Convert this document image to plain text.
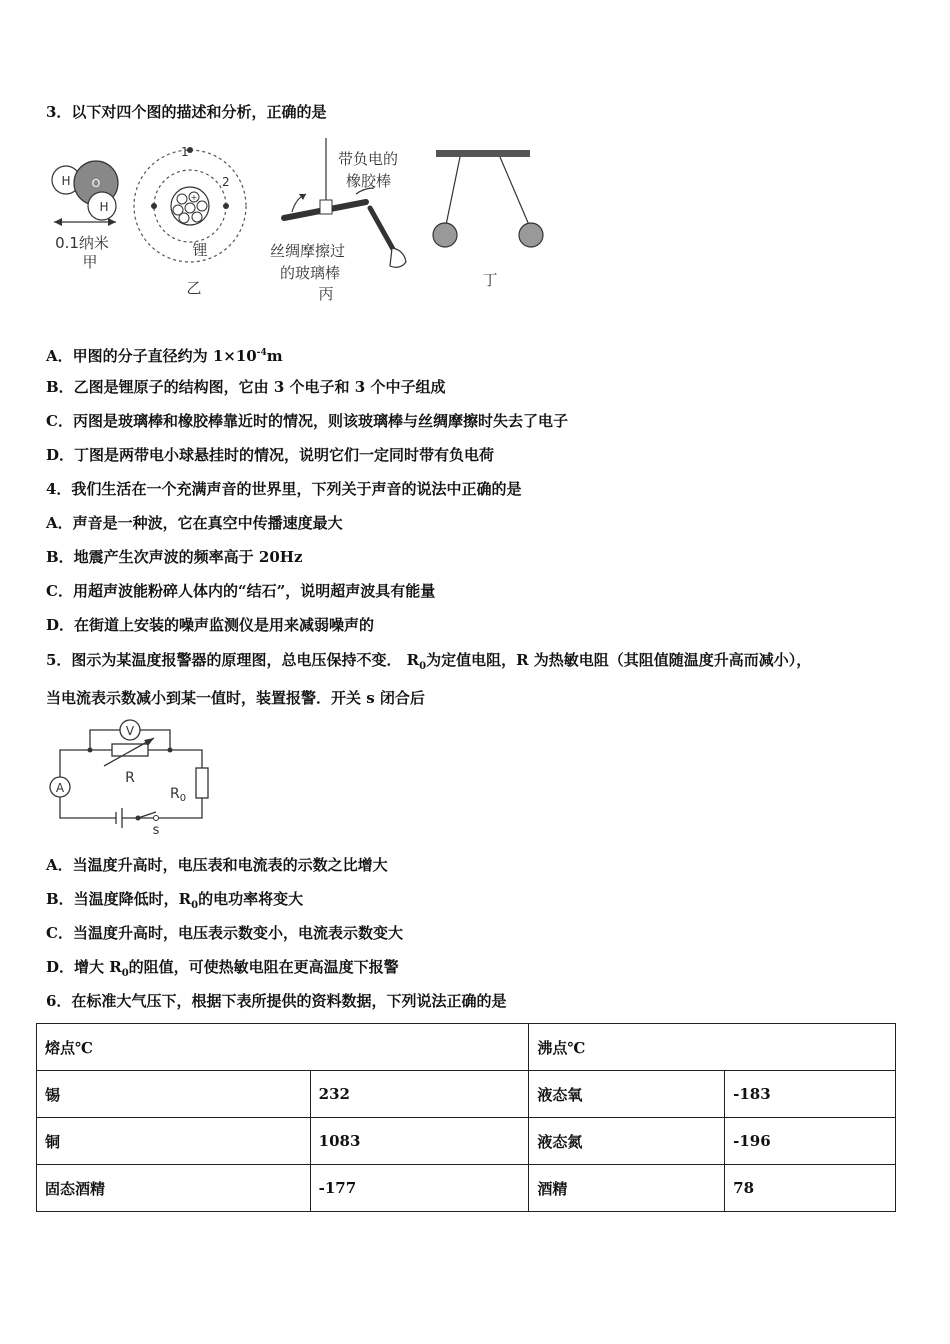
3．以下对四个图的描述和分析，正确的是
H O
H
0.1纳米
甲
+
1
2
锂
乙
带负电的
橡胶棒
丝绸摩擦过
的玻璃棒
丙
丁
A．甲图的分子直径约为 $1\times 10^{-4}m$
B．乙图是锂原子的结构图，它由 3 个电子和 3 个中子组成
C．丙图是玻璃棒和橡胶棒靠近时的情况，则该玻璃棒与丝绸摩擦时失去了电子
D．丁图是两带电小球悬挂时的情况，说明它们一定同时带有负电荷
4．我们生活在一个充满声音的世界里，下列关于声音的说法中正确的是
A．声音是一种波，它在真空中传播速度最大
B．地震产生次声波的频率高于 20Hz
C．用超声波能粉碎人体内的“结石”，说明超声波具有能量
D．在街道上安装的噪声监测仪是用来减弱噪声的
5．图示为某温度报警器的原理图，总电压保持不变． $R_0$为定值电阻，R 为热敏电阻（其阻值随温度升高而减小），
当电流表示数减小到某一值时，装置报警．开关 s 闭合后
V
A
R
$R_0$
s
A．当温度升高时，电压表和电流表的示数之比增大
B．当温度降低时，$R_0$的电功率将变大
C．当温度升高时，电压表示数变小，电流表示数变大
D．增大 $R_0$的阻值，可使热敏电阻在更高温度下报警
6．在标准大气压下，根据下表所提供的资料数据，下列说法正确的是
熔点℃		沸点℃	
锡	232	液态氧	-183
铜	1083	液态氮	-196
固态酒精	-177	酒精	78
